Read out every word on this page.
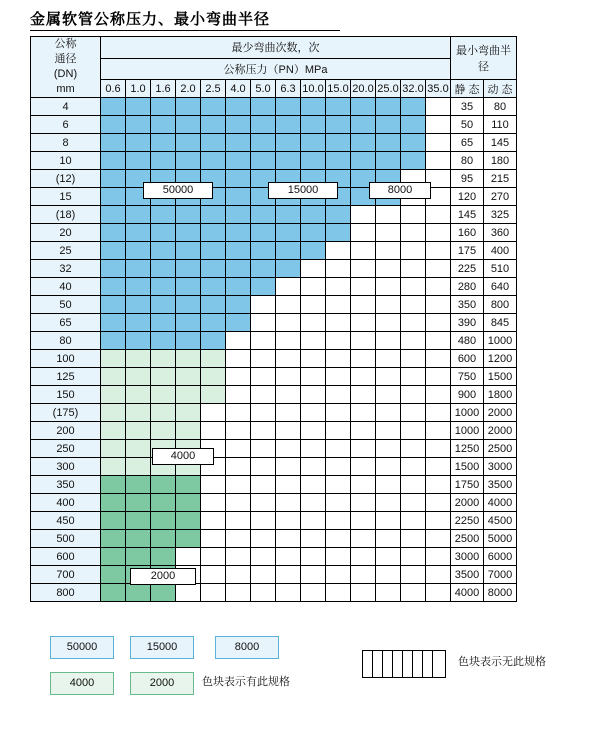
金属软管公称压力、最小弯曲半径
公称
通径
(DN)
mm	最少弯曲次数，次														最小弯曲半径	
	公称压力（PN）MPa															
	0.6	1.0	1.6	2.0	2.5	4.0	5.0	6.3	10.0	15.0	20.0	25.0	32.0	35.0	静 态	动 态
4															35	80
6															50	110
8															65	145
10															80	180
(12)															95	215
15															120	270
(18)															145	325
20															160	360
25															175	400
32															225	510
40															280	640
50															350	800
65															390	845
80															480	1000
100															600	1200
125															750	1500
150															900	1800
(175)															1000	2000
200															1000	2000
250															1250	2500
300															1500	3000
350															1750	3500
400															2000	4000
450															2250	4500
500															2500	5000
600															3000	6000
700															3500	7000
800															4000	8000
50000	15000	8000
4000
2000
50000	15000	8000
4000	2000	色块表示有此规格
色块表示无此规格
